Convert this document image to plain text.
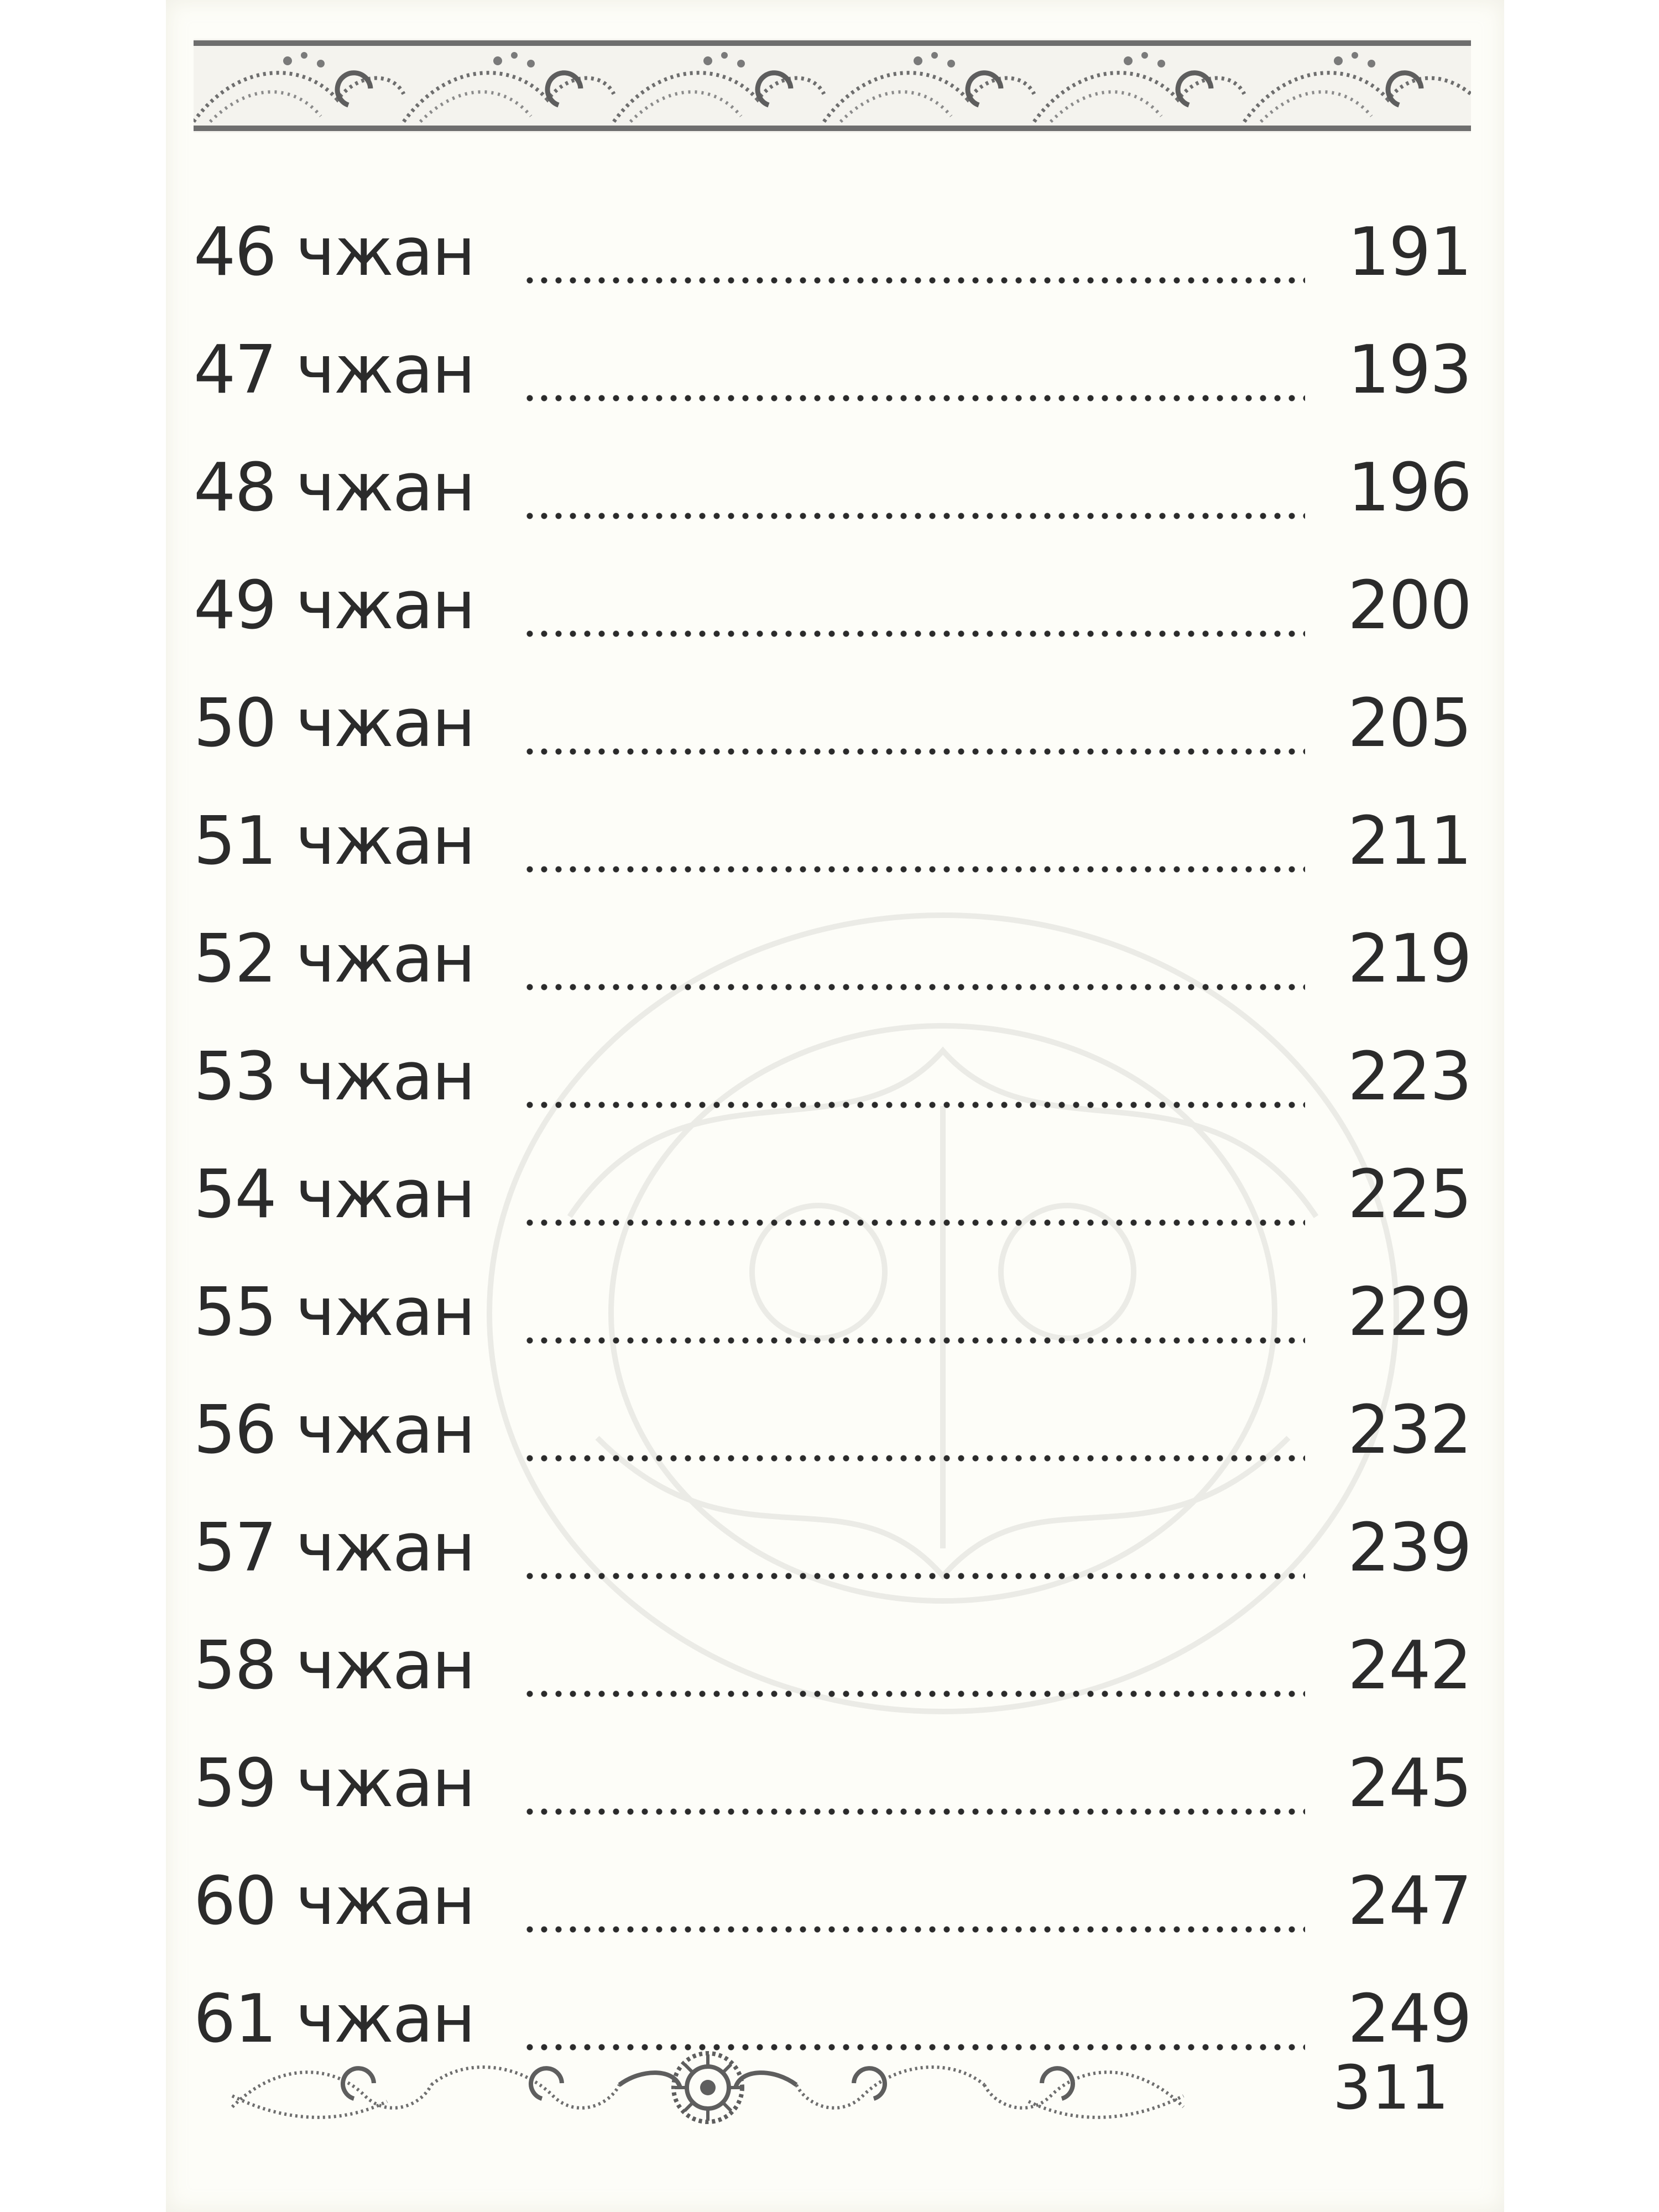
46 чжан	191
47 чжан	193
48 чжан	196
49 чжан	200
50 чжан	205
51 чжан	211
52 чжан	219
53 чжан	223
54 чжан	225
55 чжан	229
56 чжан	232
57 чжан	239
58 чжан	242
59 чжан	245
60 чжан	247
61 чжан	249
311
